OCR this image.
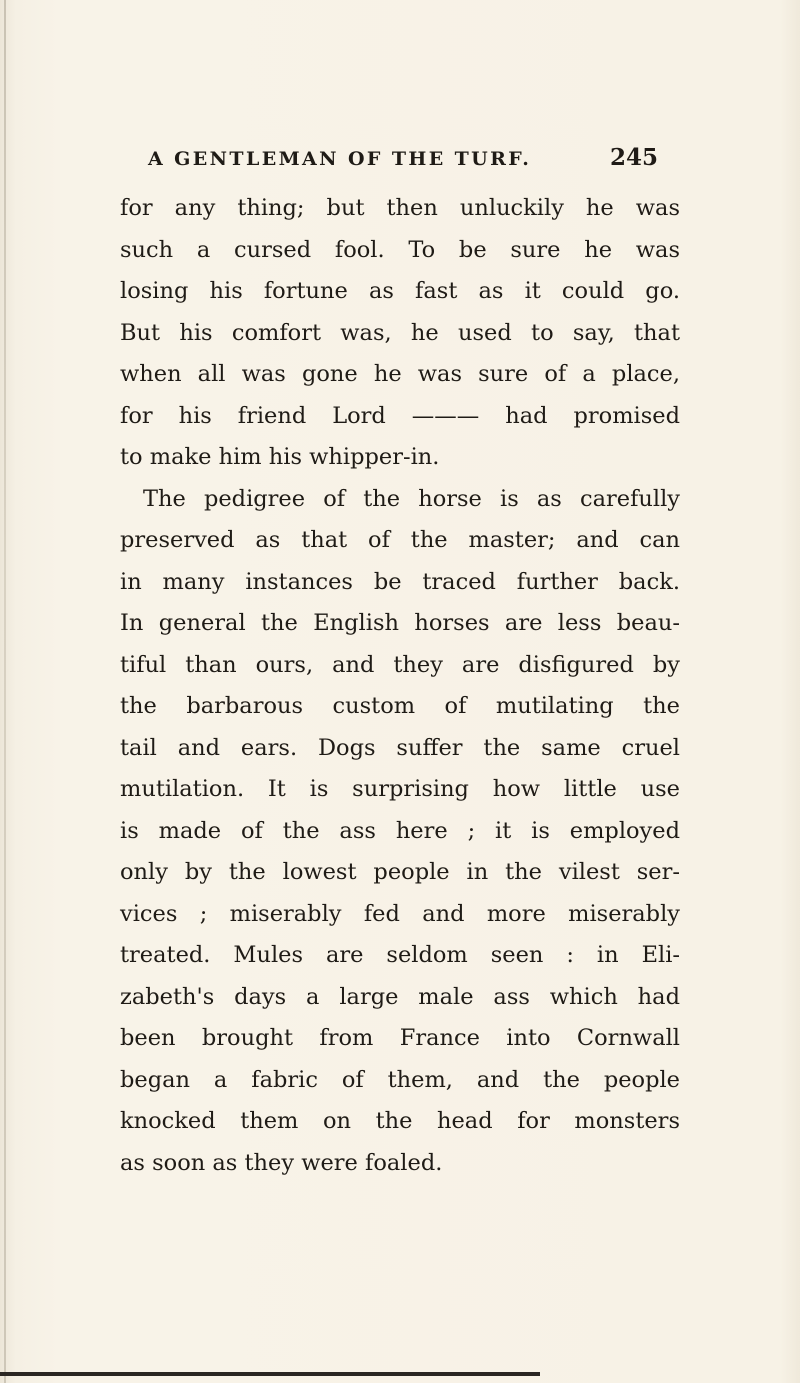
A GENTLEMAN OF THE TURF.	245
for any thing; but then unluckily he was
such a cursed fool. To be sure he was
losing his fortune as fast as it could go.
But his comfort was, he used to say, that
when all was gone he was sure of a place,
for his friend Lord ——— had promised
to make him his whipper-in.
The pedigree of the horse is as carefully
preserved as that of the master; and can
in many instances be traced further back.
In general the English horses are less beau-
tiful than ours, and they are disfigured by
the barbarous custom of mutilating the
tail and ears. Dogs suffer the same cruel
mutilation. It is surprising how little use
is made of the ass here ; it is employed
only by the lowest people in the vilest ser-
vices ; miserably fed and more miserably
treated. Mules are seldom seen : in Eli-
zabeth's days a large male ass which had
been brought from France into Cornwall
began a fabric of them, and the people
knocked them on the head for monsters
as soon as they were foaled.
